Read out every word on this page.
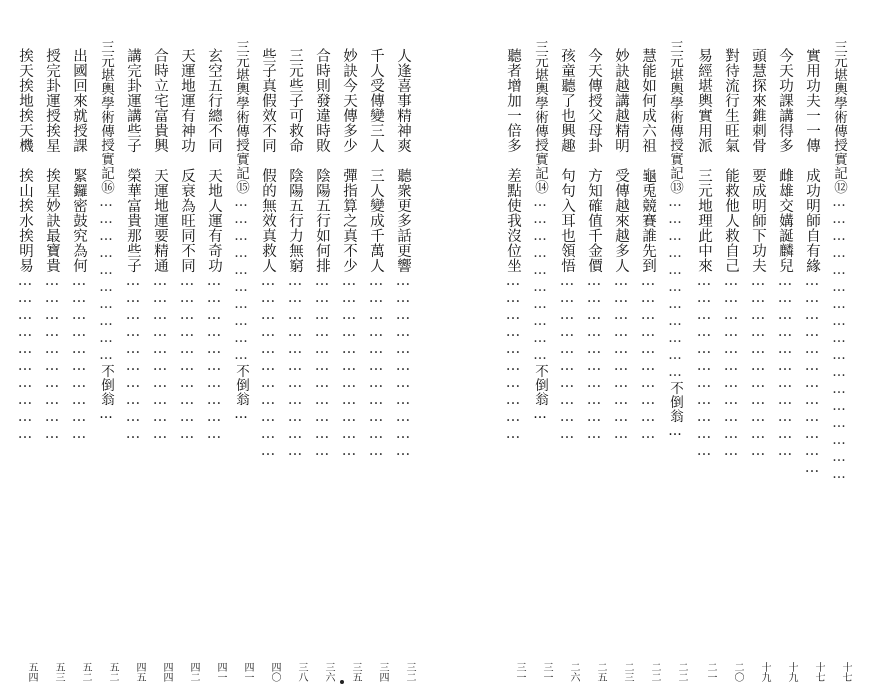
三元堪輿學術傳授實記⑫……………………………………………
十七
實用功夫一一傳　成功明師自有緣………………………………
十七
今天功課講得多　雌雄交媾誕麟兒……………………………
十九
頭慧探來錐刺骨　要成明師下功夫……………………………
十九
對待流行生旺氣　能救他人救自己……………………………
二〇
易經堪輿實用派　三元地理此中來……………………………
二一
三元堪輿學術傳授實記⑬……………………………不倒翁…
二二
慧能如何成六祖　龜兎競賽誰先到…………………………
二二
妙訣越講越精明　受傳越來越多人…………………………
二三
今天傳授父母卦　方知確值千金價…………………………
二五
孩童聽了也興趣　句句入耳也領悟…………………………
二六
三元堪輿學術傳授實記⑭…………………………不倒翁…
三一
聽者增加一倍多　差點使我沒位坐…………………………
三一
人逢喜事精神爽　聽衆更多話更響……………………………
三二
千人受傳變三人　三人變成千萬人……………………………
三四
妙訣今天傳多少　彈指算之真不少……………………………
三五
合時則發違時敗　陰陽五行如何排……………………………
三六
三元些子可救命　陰陽五行力無窮……………………………
三八
些子真假效不同　假的無效真救人……………………………
四〇
三元堪輿學術傳授實記⑮…………………………不倒翁…
四一
玄空五行總不同　天地人運有奇功…………………………
四一
天運地運有神功　反衰為旺同不同…………………………
四二
合時立宅富貴興　天運地運要精通…………………………
四四
講完卦運講些子　榮華富貴那些子…………………………
四五
三元堪輿學術傳授實記⑯…………………………不倒翁…
五二
出國回來就授課　緊鑼密鼓究為何…………………………
五二
授完卦運授挨星　挨星妙訣最寶貴…………………………
五三
挨天挨地挨天機　挨山挨水挨明易…………………………
五四
